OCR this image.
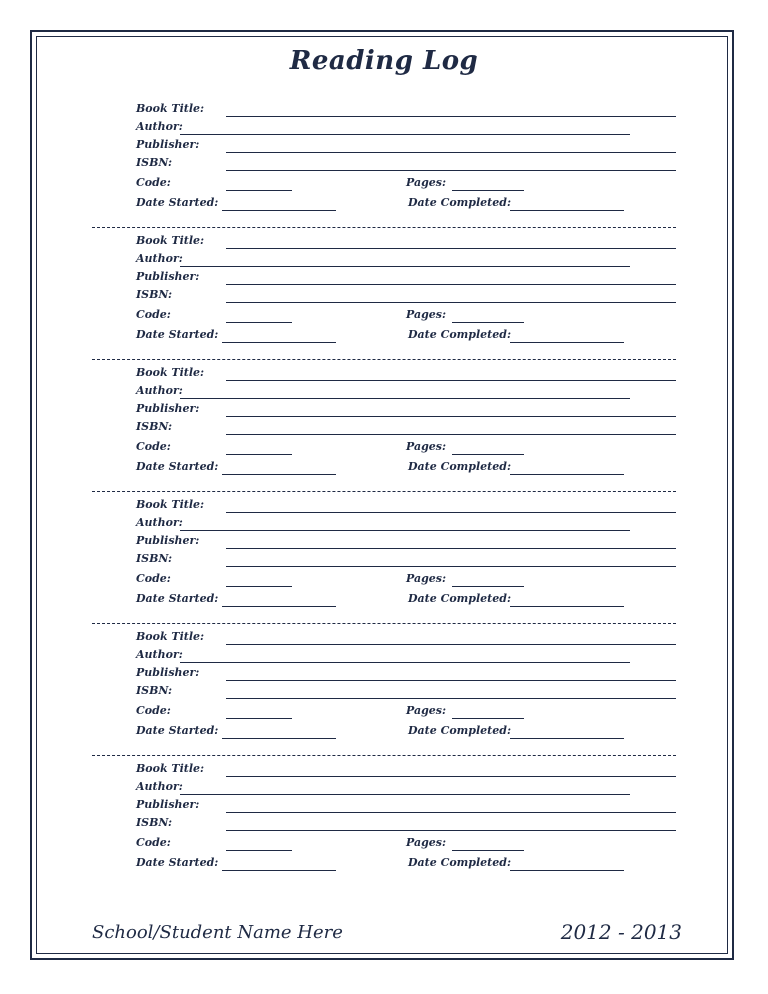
Reading Log
Book Title:
Author:
Publisher:
ISBN:
Code:	Pages:
Date Started:	Date Completed:
Book Title:
Author:
Publisher:
ISBN:
Code:	Pages:
Date Started:	Date Completed:
Book Title:
Author:
Publisher:
ISBN:
Code:	Pages:
Date Started:	Date Completed:
Book Title:
Author:
Publisher:
ISBN:
Code:	Pages:
Date Started:	Date Completed:
Book Title:
Author:
Publisher:
ISBN:
Code:	Pages:
Date Started:	Date Completed:
Book Title:
Author:
Publisher:
ISBN:
Code:	Pages:
Date Started:	Date Completed:
School/Student Name Here	2012 - 2013
